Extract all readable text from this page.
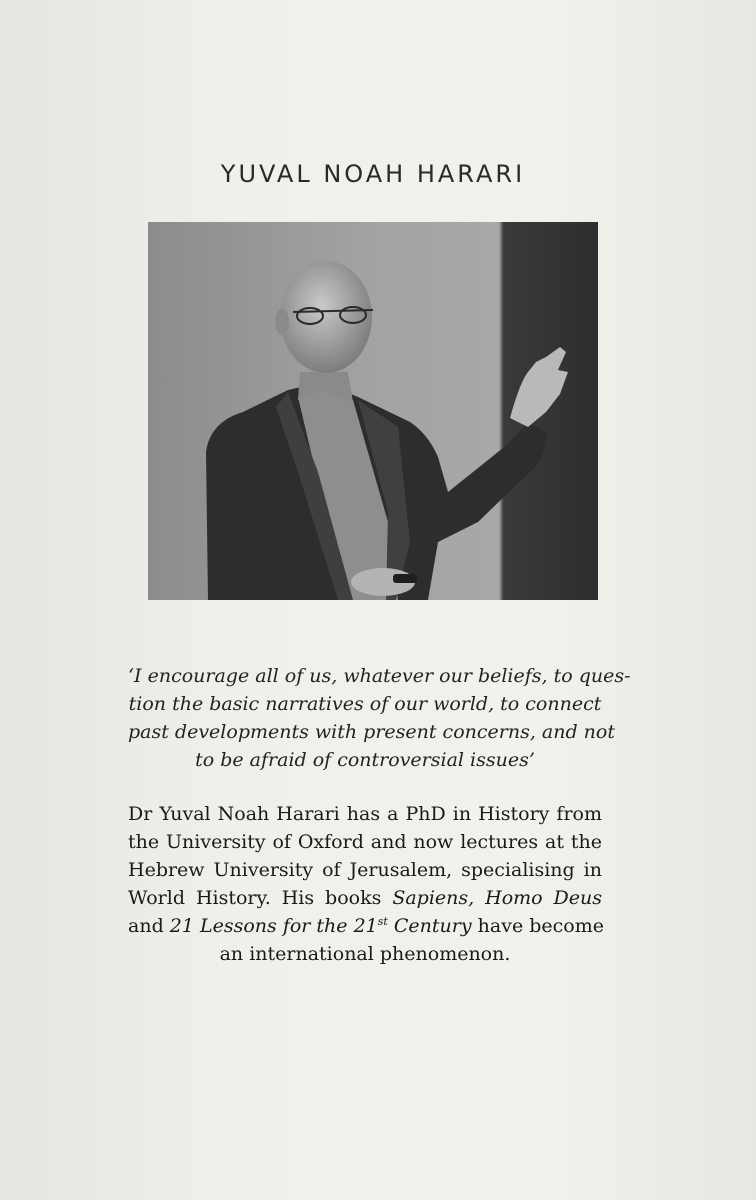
YUVAL NOAH HARARI
‘I encourage all of us, whatever our beliefs, to ques-
tion the basic narratives of our world, to connect
past developments with present concerns, and not
to be afraid of controversial issues’
Dr Yuval Noah Harari has a PhD in History from
the University of Oxford and now lectures at the
Hebrew University of Jerusalem, specialising in
World History. His books Sapiens, Homo Deus
and 21 Lessons for the 21st Century have become
an international phenomenon.
